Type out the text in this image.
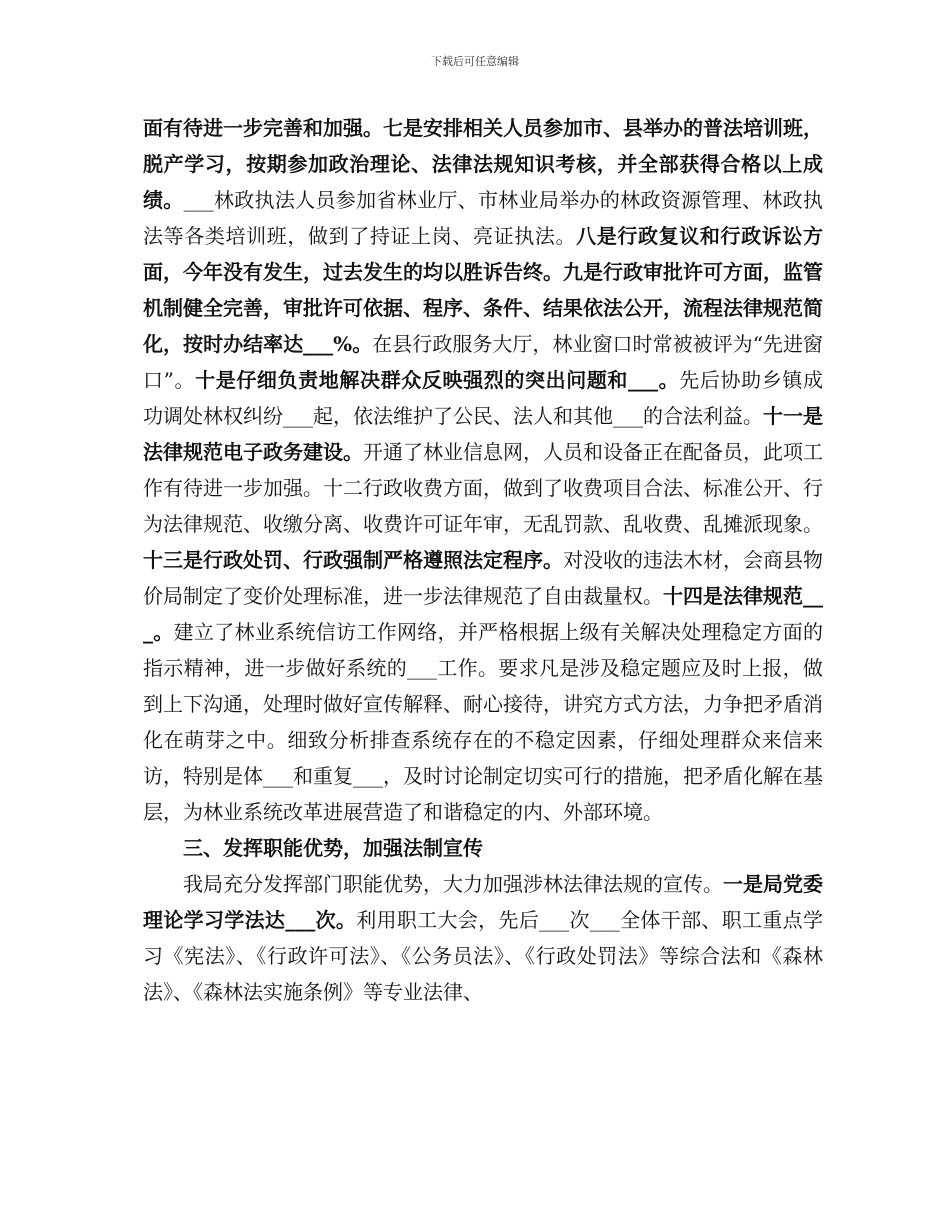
下载后可任意编辑

面有待进一步完善和加强。七是安排相关人员参加市、县举办的普法培训班，脱产学习，按期参加政治理论、法律法规知识考核，并全部获得合格以上成绩。___林政执法人员参加省林业厅、市林业局举办的林政资源管理、林政执法等各类培训班，做到了持证上岗、亮证执法。八是行政复议和行政诉讼方面，今年没有发生，过去发生的均以胜诉告终。九是行政审批许可方面，监管机制健全完善，审批许可依据、程序、条件、结果依法公开，流程法律规范简化，按时办结率达___%。在县行政服务大厅，林业窗口时常被被评为“先进窗口”。十是仔细负责地解决群众反映强烈的突出问题和___。先后协助乡镇成功调处林权纠纷___起，依法维护了公民、法人和其他___的合法利益。十一是法律规范电子政务建设。开通了林业信息网，人员和设备正在配备员，此项工作有待进一步加强。十二行政收费方面，做到了收费项目合法、标准公开、行为法律规范、收缴分离、收费许可证年审，无乱罚款、乱收费、乱摊派现象。十三是行政处罚、行政强制严格遵照法定程序。对没收的违法木材，会商县物价局制定了变价处理标准，进一步法律规范了自由裁量权。十四是法律规范___。建立了林业系统信访工作网络，并严格根据上级有关解决处理稳定方面的指示精神，进一步做好系统的___工作。要求凡是涉及稳定题应及时上报，做到上下沟通，处理时做好宣传解释、耐心接待，讲究方式方法，力争把矛盾消化在萌芽之中。细致分析排查系统存在的不稳定因素，仔细处理群众来信来访，特别是体___和重复___，及时讨论制定切实可行的措施，把矛盾化解在基层，为林业系统改革进展营造了和谐稳定的内、外部环境。

三、发挥职能优势，加强法制宣传

我局充分发挥部门职能优势，大力加强涉林法律法规的宣传。一是局党委理论学习学法达___次。利用职工大会，先后___次___全体干部、职工重点学习《宪法》、《行政许可法》、《公务员法》、《行政处罚法》等综合法和《森林法》、《森林法实施条例》等专业法律、
